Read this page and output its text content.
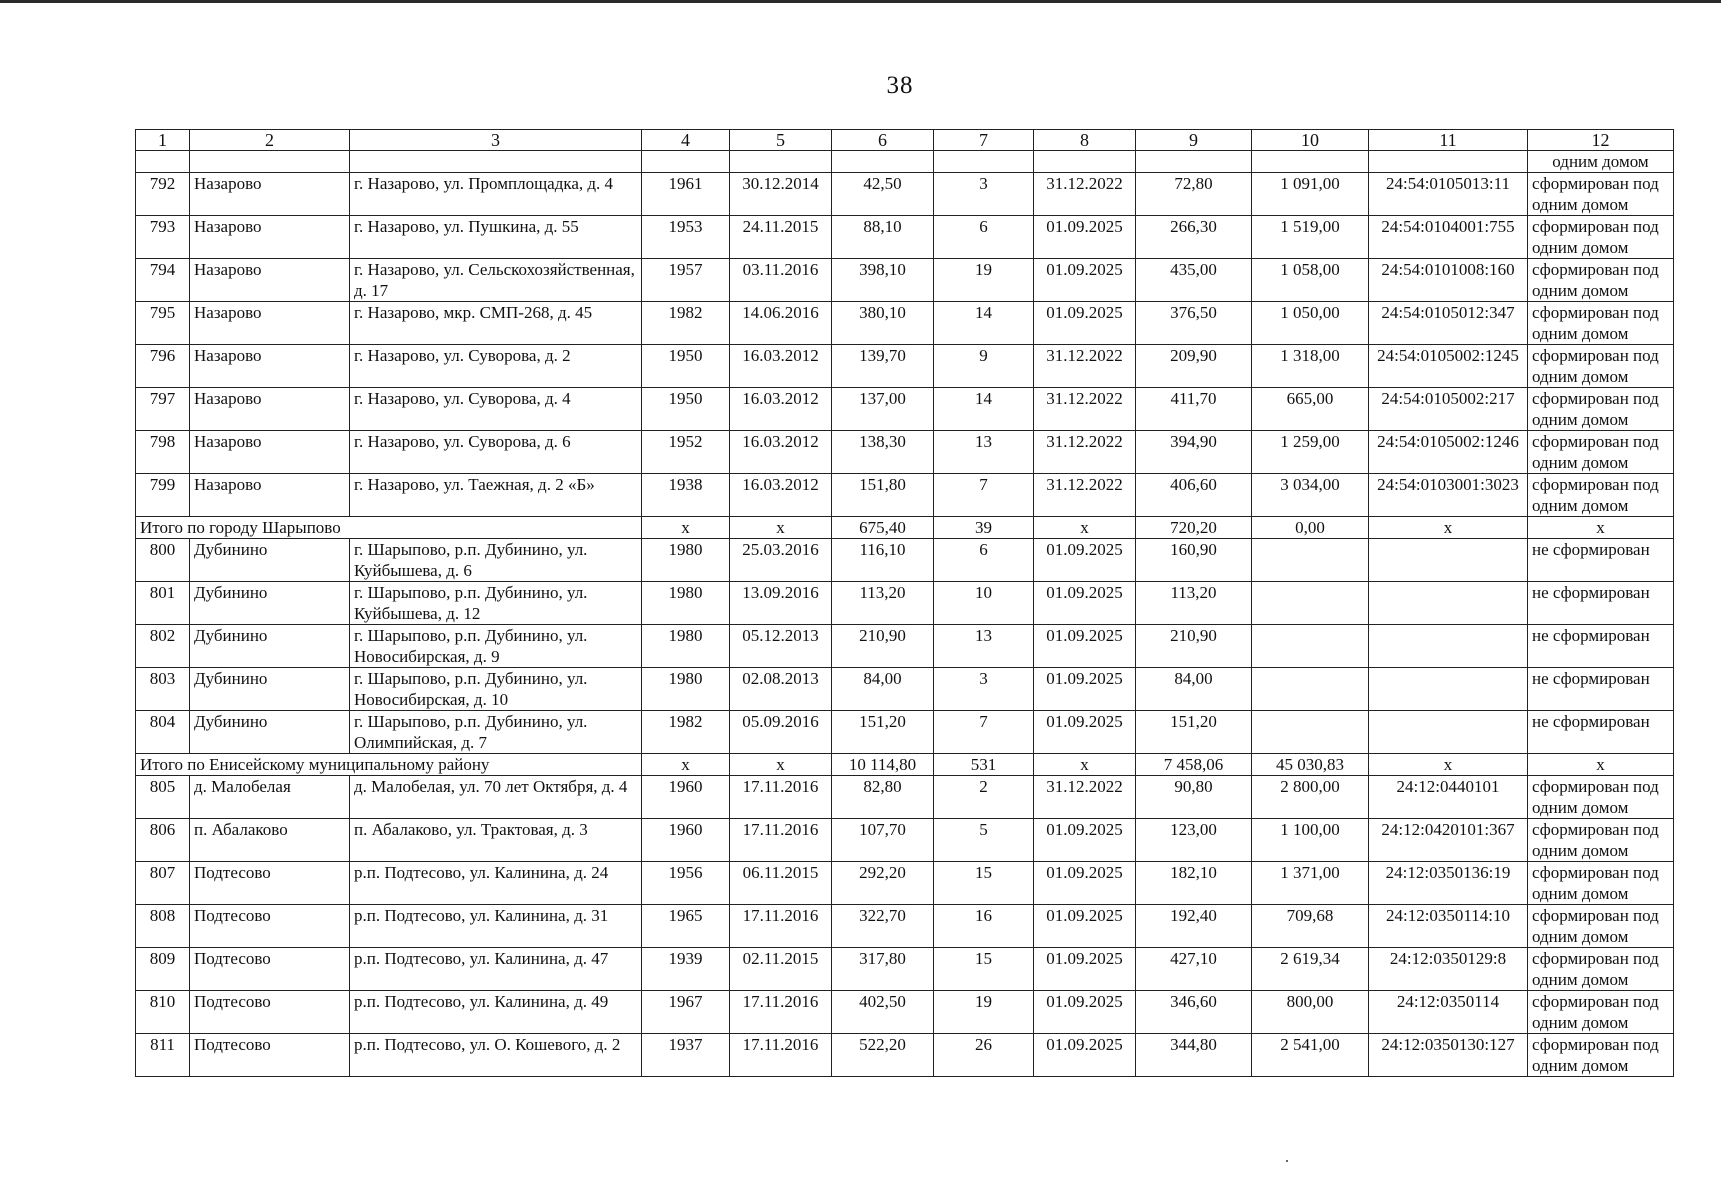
38
1	2	3	4	5	6	7	8	9	10	11	12
											одним домом
792	Назарово	г. Назарово, ул. Промплощадка, д. 4	1961	30.12.2014	42,50	3	31.12.2022	72,80	1 091,00	24:54:0105013:11	сформирован под одним домом
793	Назарово	г. Назарово, ул. Пушкина, д. 55	1953	24.11.2015	88,10	6	01.09.2025	266,30	1 519,00	24:54:0104001:755	сформирован под одним домом
794	Назарово	г. Назарово, ул. Сельскохозяйственная, д. 17	1957	03.11.2016	398,10	19	01.09.2025	435,00	1 058,00	24:54:0101008:160	сформирован под одним домом
795	Назарово	г. Назарово, мкр. СМП-268, д. 45	1982	14.06.2016	380,10	14	01.09.2025	376,50	1 050,00	24:54:0105012:347	сформирован под одним домом
796	Назарово	г. Назарово, ул. Суворова, д. 2	1950	16.03.2012	139,70	9	31.12.2022	209,90	1 318,00	24:54:0105002:1245	сформирован под одним домом
797	Назарово	г. Назарово, ул. Суворова, д. 4	1950	16.03.2012	137,00	14	31.12.2022	411,70	665,00	24:54:0105002:217	сформирован под одним домом
798	Назарово	г. Назарово, ул. Суворова, д. 6	1952	16.03.2012	138,30	13	31.12.2022	394,90	1 259,00	24:54:0105002:1246	сформирован под одним домом
799	Назарово	г. Назарово, ул. Таежная, д. 2 «Б»	1938	16.03.2012	151,80	7	31.12.2022	406,60	3 034,00	24:54:0103001:3023	сформирован под одним домом
Итого по городу Шарыпово			х	х	675,40	39	х	720,20	0,00	х	х
800	Дубинино	г. Шарыпово, р.п. Дубинино, ул. Куйбышева, д. 6	1980	25.03.2016	116,10	6	01.09.2025	160,90			не сформирован
801	Дубинино	г. Шарыпово, р.п. Дубинино, ул. Куйбышева, д. 12	1980	13.09.2016	113,20	10	01.09.2025	113,20			не сформирован
802	Дубинино	г. Шарыпово, р.п. Дубинино, ул. Новосибирская, д. 9	1980	05.12.2013	210,90	13	01.09.2025	210,90			не сформирован
803	Дубинино	г. Шарыпово, р.п. Дубинино, ул. Новосибирская, д. 10	1980	02.08.2013	84,00	3	01.09.2025	84,00			не сформирован
804	Дубинино	г. Шарыпово, р.п. Дубинино, ул. Олимпийская, д. 7	1982	05.09.2016	151,20	7	01.09.2025	151,20			не сформирован
Итого по Енисейскому муниципальному району			х	х	10 114,80	531	х	7 458,06	45 030,83	х	х
805	д. Малобелая	д. Малобелая, ул. 70 лет Октября, д. 4	1960	17.11.2016	82,80	2	31.12.2022	90,80	2 800,00	24:12:0440101	сформирован под одним домом
806	п. Абалаково	п. Абалаково, ул. Трактовая, д. 3	1960	17.11.2016	107,70	5	01.09.2025	123,00	1 100,00	24:12:0420101:367	сформирован под одним домом
807	Подтесово	р.п. Подтесово, ул. Калинина, д. 24	1956	06.11.2015	292,20	15	01.09.2025	182,10	1 371,00	24:12:0350136:19	сформирован под одним домом
808	Подтесово	р.п. Подтесово, ул. Калинина, д. 31	1965	17.11.2016	322,70	16	01.09.2025	192,40	709,68	24:12:0350114:10	сформирован под одним домом
809	Подтесово	р.п. Подтесово, ул. Калинина, д. 47	1939	02.11.2015	317,80	15	01.09.2025	427,10	2 619,34	24:12:0350129:8	сформирован под одним домом
810	Подтесово	р.п. Подтесово, ул. Калинина, д. 49	1967	17.11.2016	402,50	19	01.09.2025	346,60	800,00	24:12:0350114	сформирован под одним домом
811	Подтесово	р.п. Подтесово, ул. О. Кошевого, д. 2	1937	17.11.2016	522,20	26	01.09.2025	344,80	2 541,00	24:12:0350130:127	сформирован под одним домом
